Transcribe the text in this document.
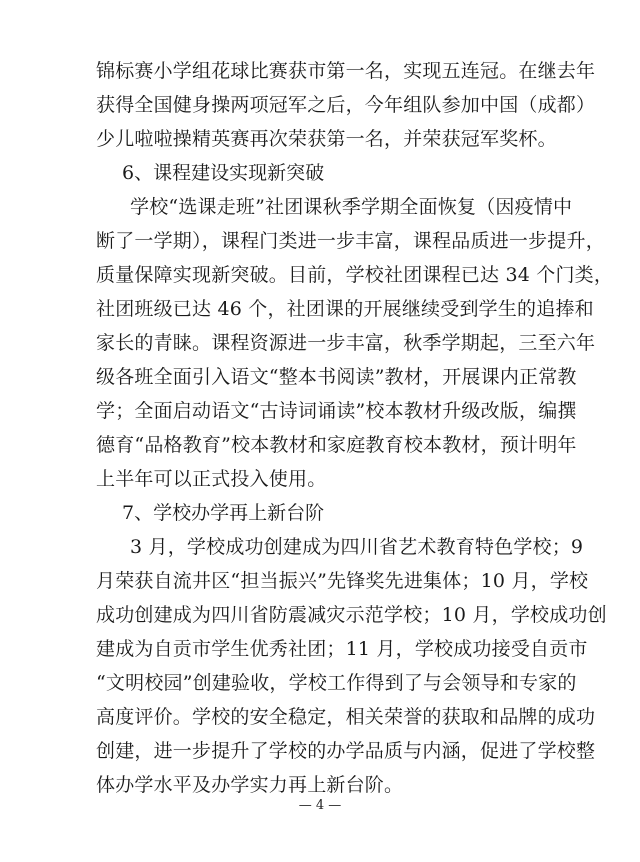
锦标赛小学组花球比赛获市第一名，实现五连冠。在继去年
获得全国健身操两项冠军之后，今年组队参加中国（成都）
少儿啦啦操精英赛再次荣获第一名，并荣获冠军奖杯。
6、课程建设实现新突破
学校“选课走班”社团课秋季学期全面恢复（因疫情中
断了一学期），课程门类进一步丰富，课程品质进一步提升，
质量保障实现新突破。目前，学校社团课程已达 34 个门类，
社团班级已达 46 个，社团课的开展继续受到学生的追捧和
家长的青睐。课程资源进一步丰富，秋季学期起，三至六年
级各班全面引入语文“整本书阅读”教材，开展课内正常教
学；全面启动语文“古诗词诵读”校本教材升级改版，编撰
德育“品格教育”校本教材和家庭教育校本教材，预计明年
上半年可以正式投入使用。
7、学校办学再上新台阶
3 月，学校成功创建成为四川省艺术教育特色学校；9
月荣获自流井区“担当振兴”先锋奖先进集体；10 月，学校
成功创建成为四川省防震减灾示范学校；10 月，学校成功创
建成为自贡市学生优秀社团；11 月，学校成功接受自贡市
“文明校园”创建验收，学校工作得到了与会领导和专家的
高度评价。学校的安全稳定，相关荣誉的获取和品牌的成功
创建，进一步提升了学校的办学品质与内涵，促进了学校整
体办学水平及办学实力再上新台阶。
— 4 —
